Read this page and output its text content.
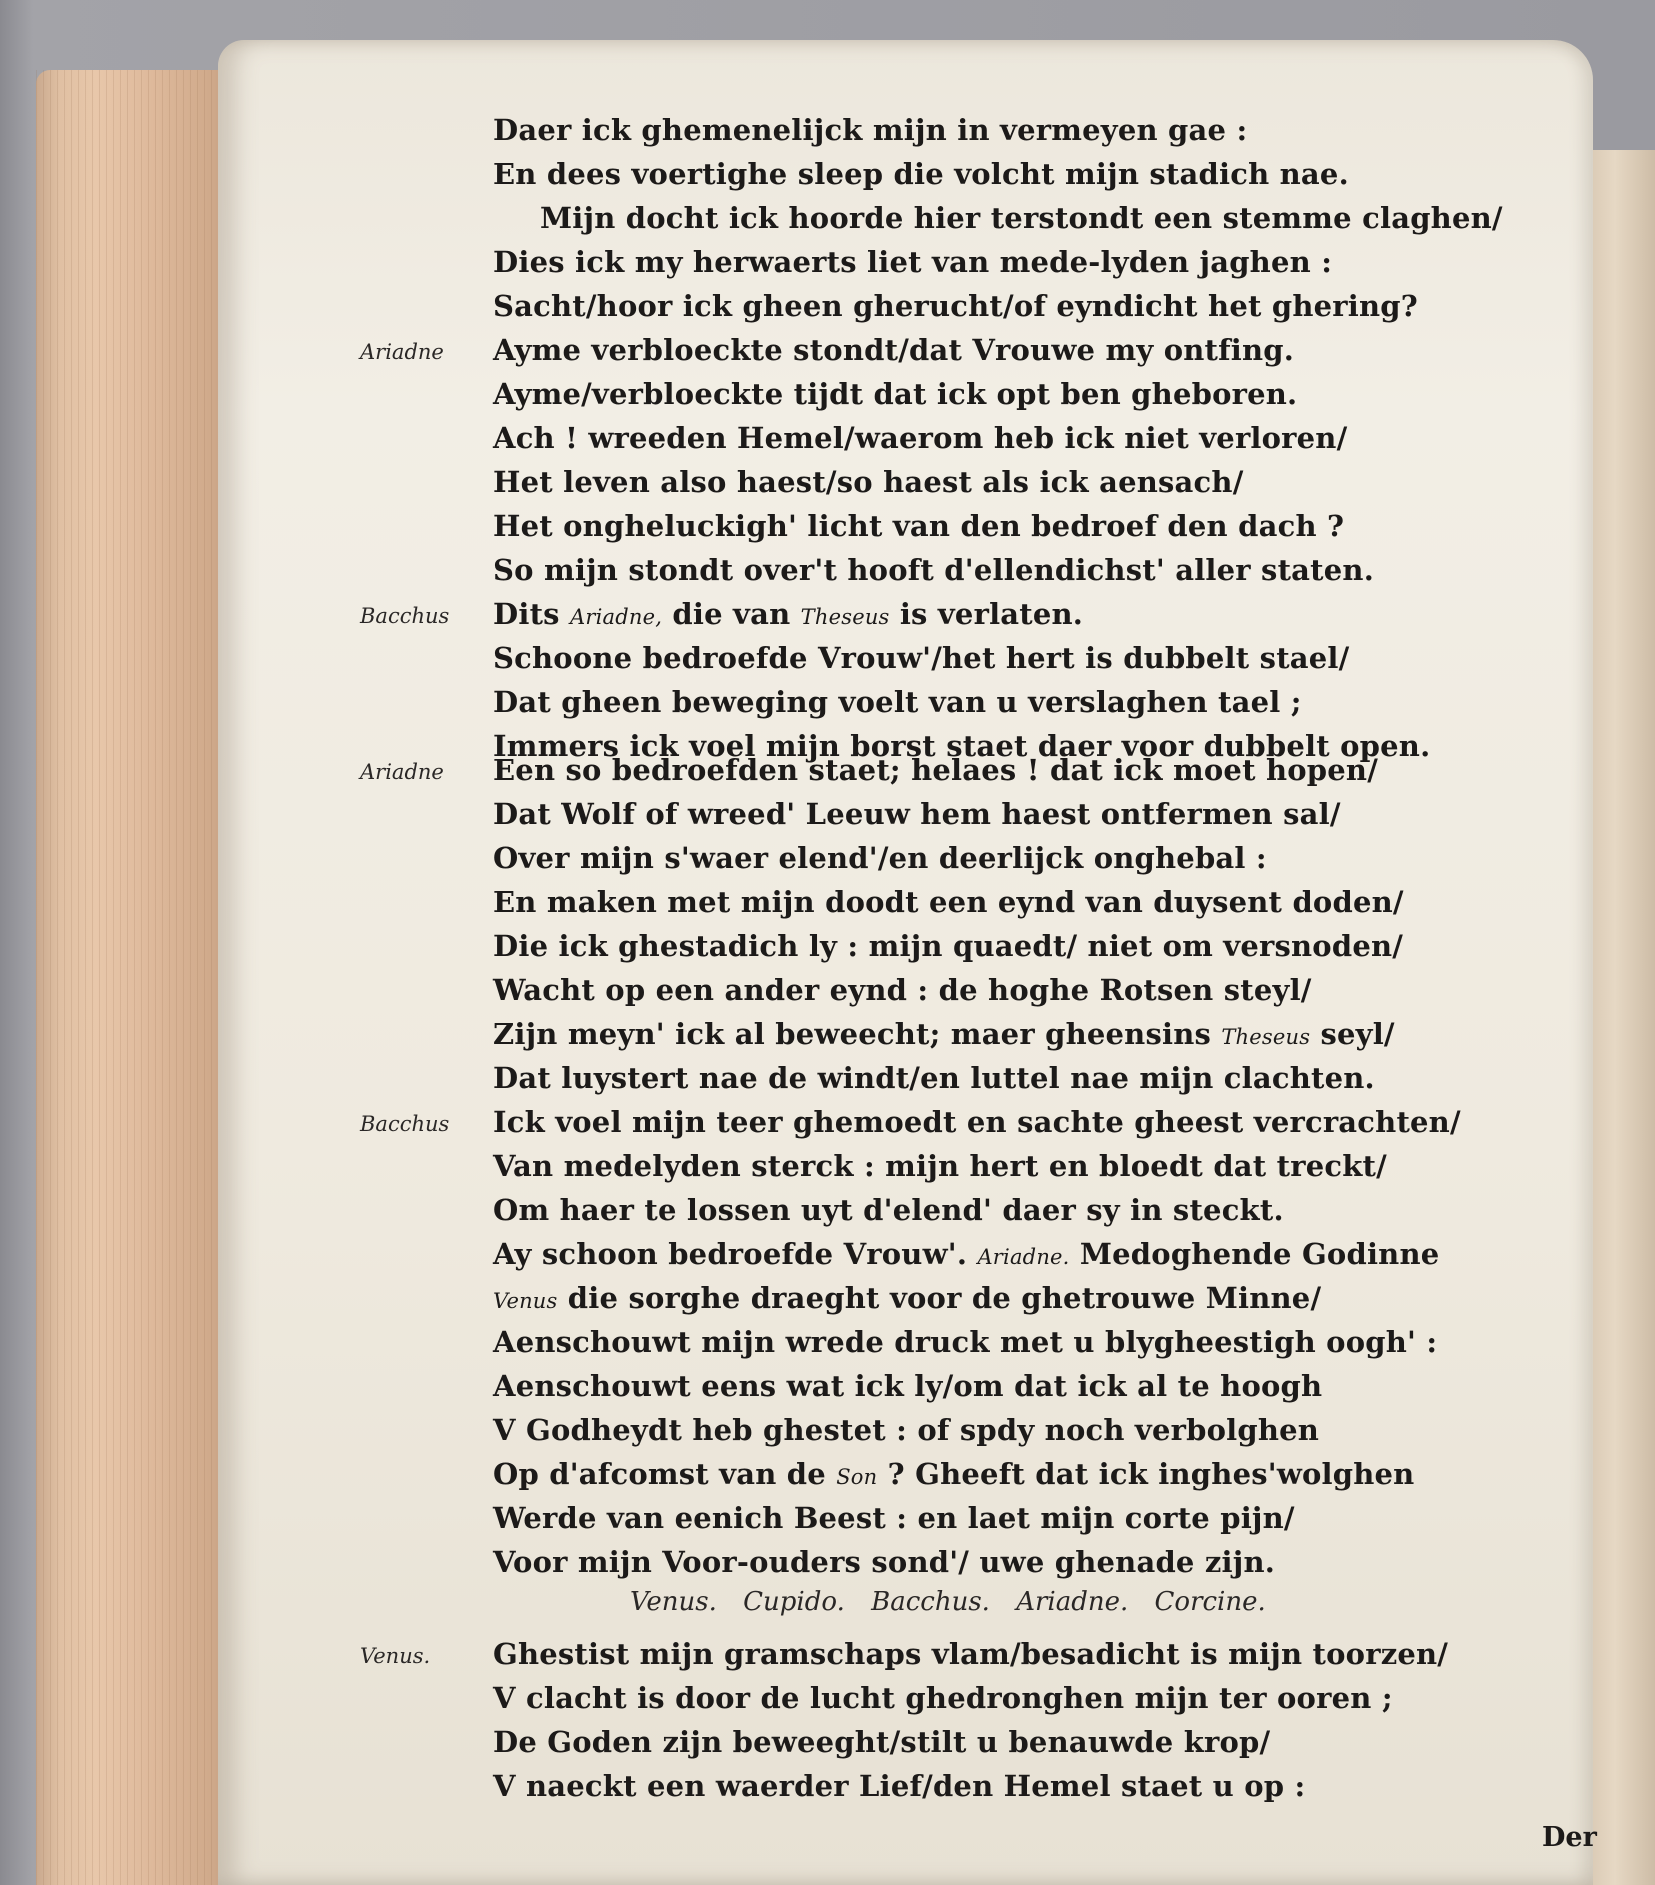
Daer ick ghemenelijck mijn in vermeyen gae :
En dees voertighe sleep die volcht mijn stadich nae.
Mijn docht ick hoorde hier terstondt een stemme claghen/
Dies ick my herwaerts liet van mede-lyden jaghen :
Sacht/hoor ick gheen gherucht/of eyndicht het ghering?
Ariadne Ayme verbloeckte stondt/dat Vrouwe my ontfing.
Ayme/verbloeckte tijdt dat ick opt ben gheboren.
Ach ! wreeden Hemel/waerom heb ick niet verloren/
Het leven also haest/so haest als ick aensach/
Het ongheluckigh' licht van den bedroef den dach ?
So mijn stondt over't hooft d'ellendichst' aller staten.
Bacchus Dits Ariadne, die van Theseus is verlaten.
Schoone bedroefde Vrouw'/het hert is dubbelt stael/
Dat gheen beweging voelt van u verslaghen tael ;
Immers ick voel mijn borst staet daer voor dubbelt open.
Ariadne Een so bedroefden staet; helaes ! dat ick moet hopen/
Dat Wolf of wreed' Leeuw hem haest ontfermen sal/
Over mijn s'waer elend'/en deerlijck onghebal :
En maken met mijn doodt een eynd van duysent doden/
Die ick ghestadich ly : mijn quaedt/ niet om versnoden/
Wacht op een ander eynd : de hoghe Rotsen steyl/
Zijn meyn' ick al beweecht; maer gheensins Theseus seyl/
Dat luystert nae de windt/en luttel nae mijn clachten.
Bacchus Ick voel mijn teer ghemoedt en sachte gheest vercrachten/
Van medelyden sterck : mijn hert en bloedt dat treckt/
Om haer te lossen uyt d'elend' daer sy in steckt.
Ay schoon bedroefde Vrouw'. Ariadne. Medoghende Godinne
Venus die sorghe draeght voor de ghetrouwe Minne/
Aenschouwt mijn wrede druck met u blygheestigh oogh' :
Aenschouwt eens wat ick ly/om dat ick al te hoogh
V Godheydt heb ghestet : of spdy noch verbolghen
Op d'afcomst van de Son ? Gheeft dat ick inghes'wolghen
Werde van eenich Beest : en laet mijn corte pijn/
Voor mijn Voor-ouders sond'/ uwe ghenade zijn.
Venus. Cupido. Bacchus. Ariadne. Corcine.
Venus. Ghestist mijn gramschaps vlam/besadicht is mijn toorzen/
V clacht is door de lucht ghedronghen mijn ter ooren ;
De Goden zijn beweeght/stilt u benauwde krop/
V naeckt een waerder Lief/den Hemel staet u op :
Der
